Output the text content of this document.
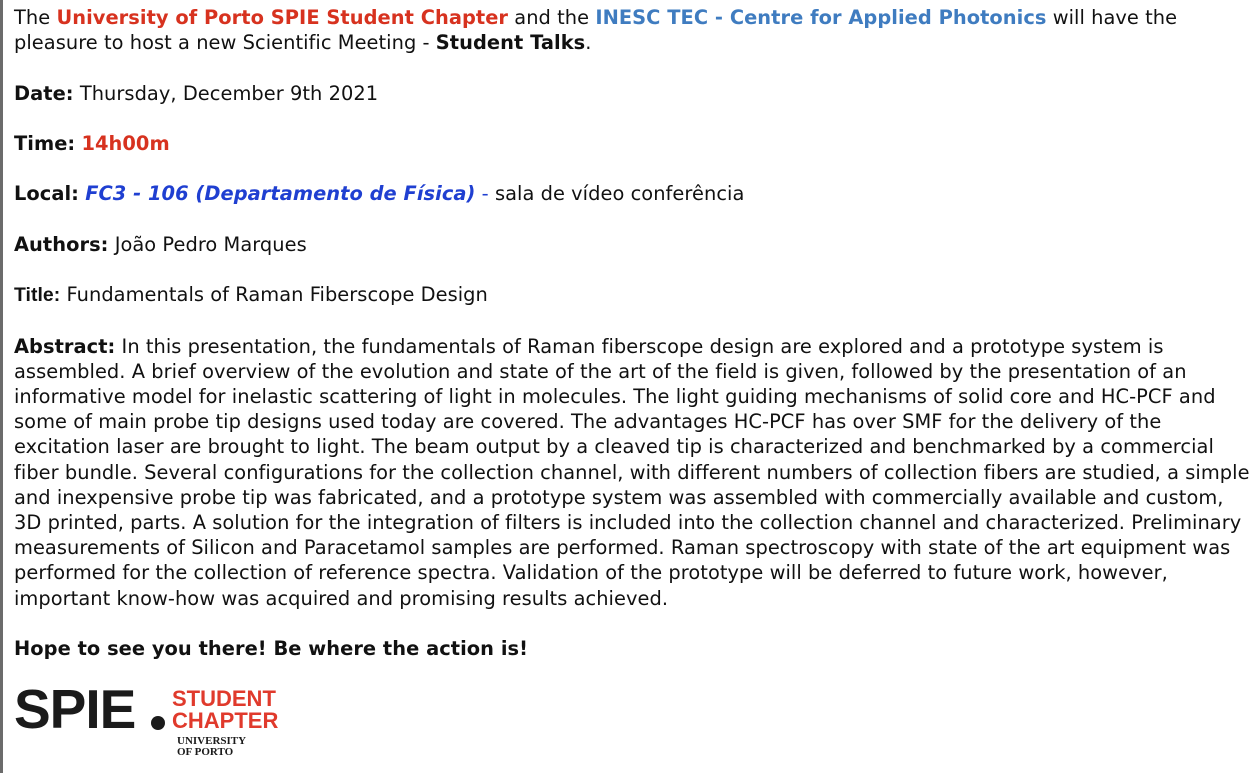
The University of Porto SPIE Student Chapter and the INESC TEC - Centre for Applied Photonics will have the pleasure to host a new Scientific Meeting - Student Talks.

Date: Thursday, December 9th 2021

Time: 14h00m

Local: FC3 - 106 (Departamento de Física) - sala de vídeo conferência

Authors: João Pedro Marques

Title: Fundamentals of Raman Fiberscope Design

Abstract: In this presentation, the fundamentals of Raman fiberscope design are explored and a prototype system is assembled. A brief overview of the evolution and state of the art of the field is given, followed by the presentation of an informative model for inelastic scattering of light in molecules. The light guiding mechanisms of solid core and HC-PCF and some of main probe tip designs used today are covered. The advantages HC-PCF has over SMF for the delivery of the excitation laser are brought to light. The beam output by a cleaved tip is characterized and benchmarked by a commercial fiber bundle. Several configurations for the collection channel, with different numbers of collection fibers are studied, a simple and inexpensive probe tip was fabricated, and a prototype system was assembled with commercially available and custom, 3D printed, parts. A solution for the integration of filters is included into the collection channel and characterized. Preliminary measurements of Silicon and Paracetamol samples are performed. Raman spectroscopy with state of the art equipment was performed for the collection of reference spectra. Validation of the prototype will be deferred to future work, however, important know-how was acquired and promising results achieved.

Hope to see you there! Be where the action is!

SPIE STUDENT
CHAPTER
UNIVERSITY
OF PORTO
